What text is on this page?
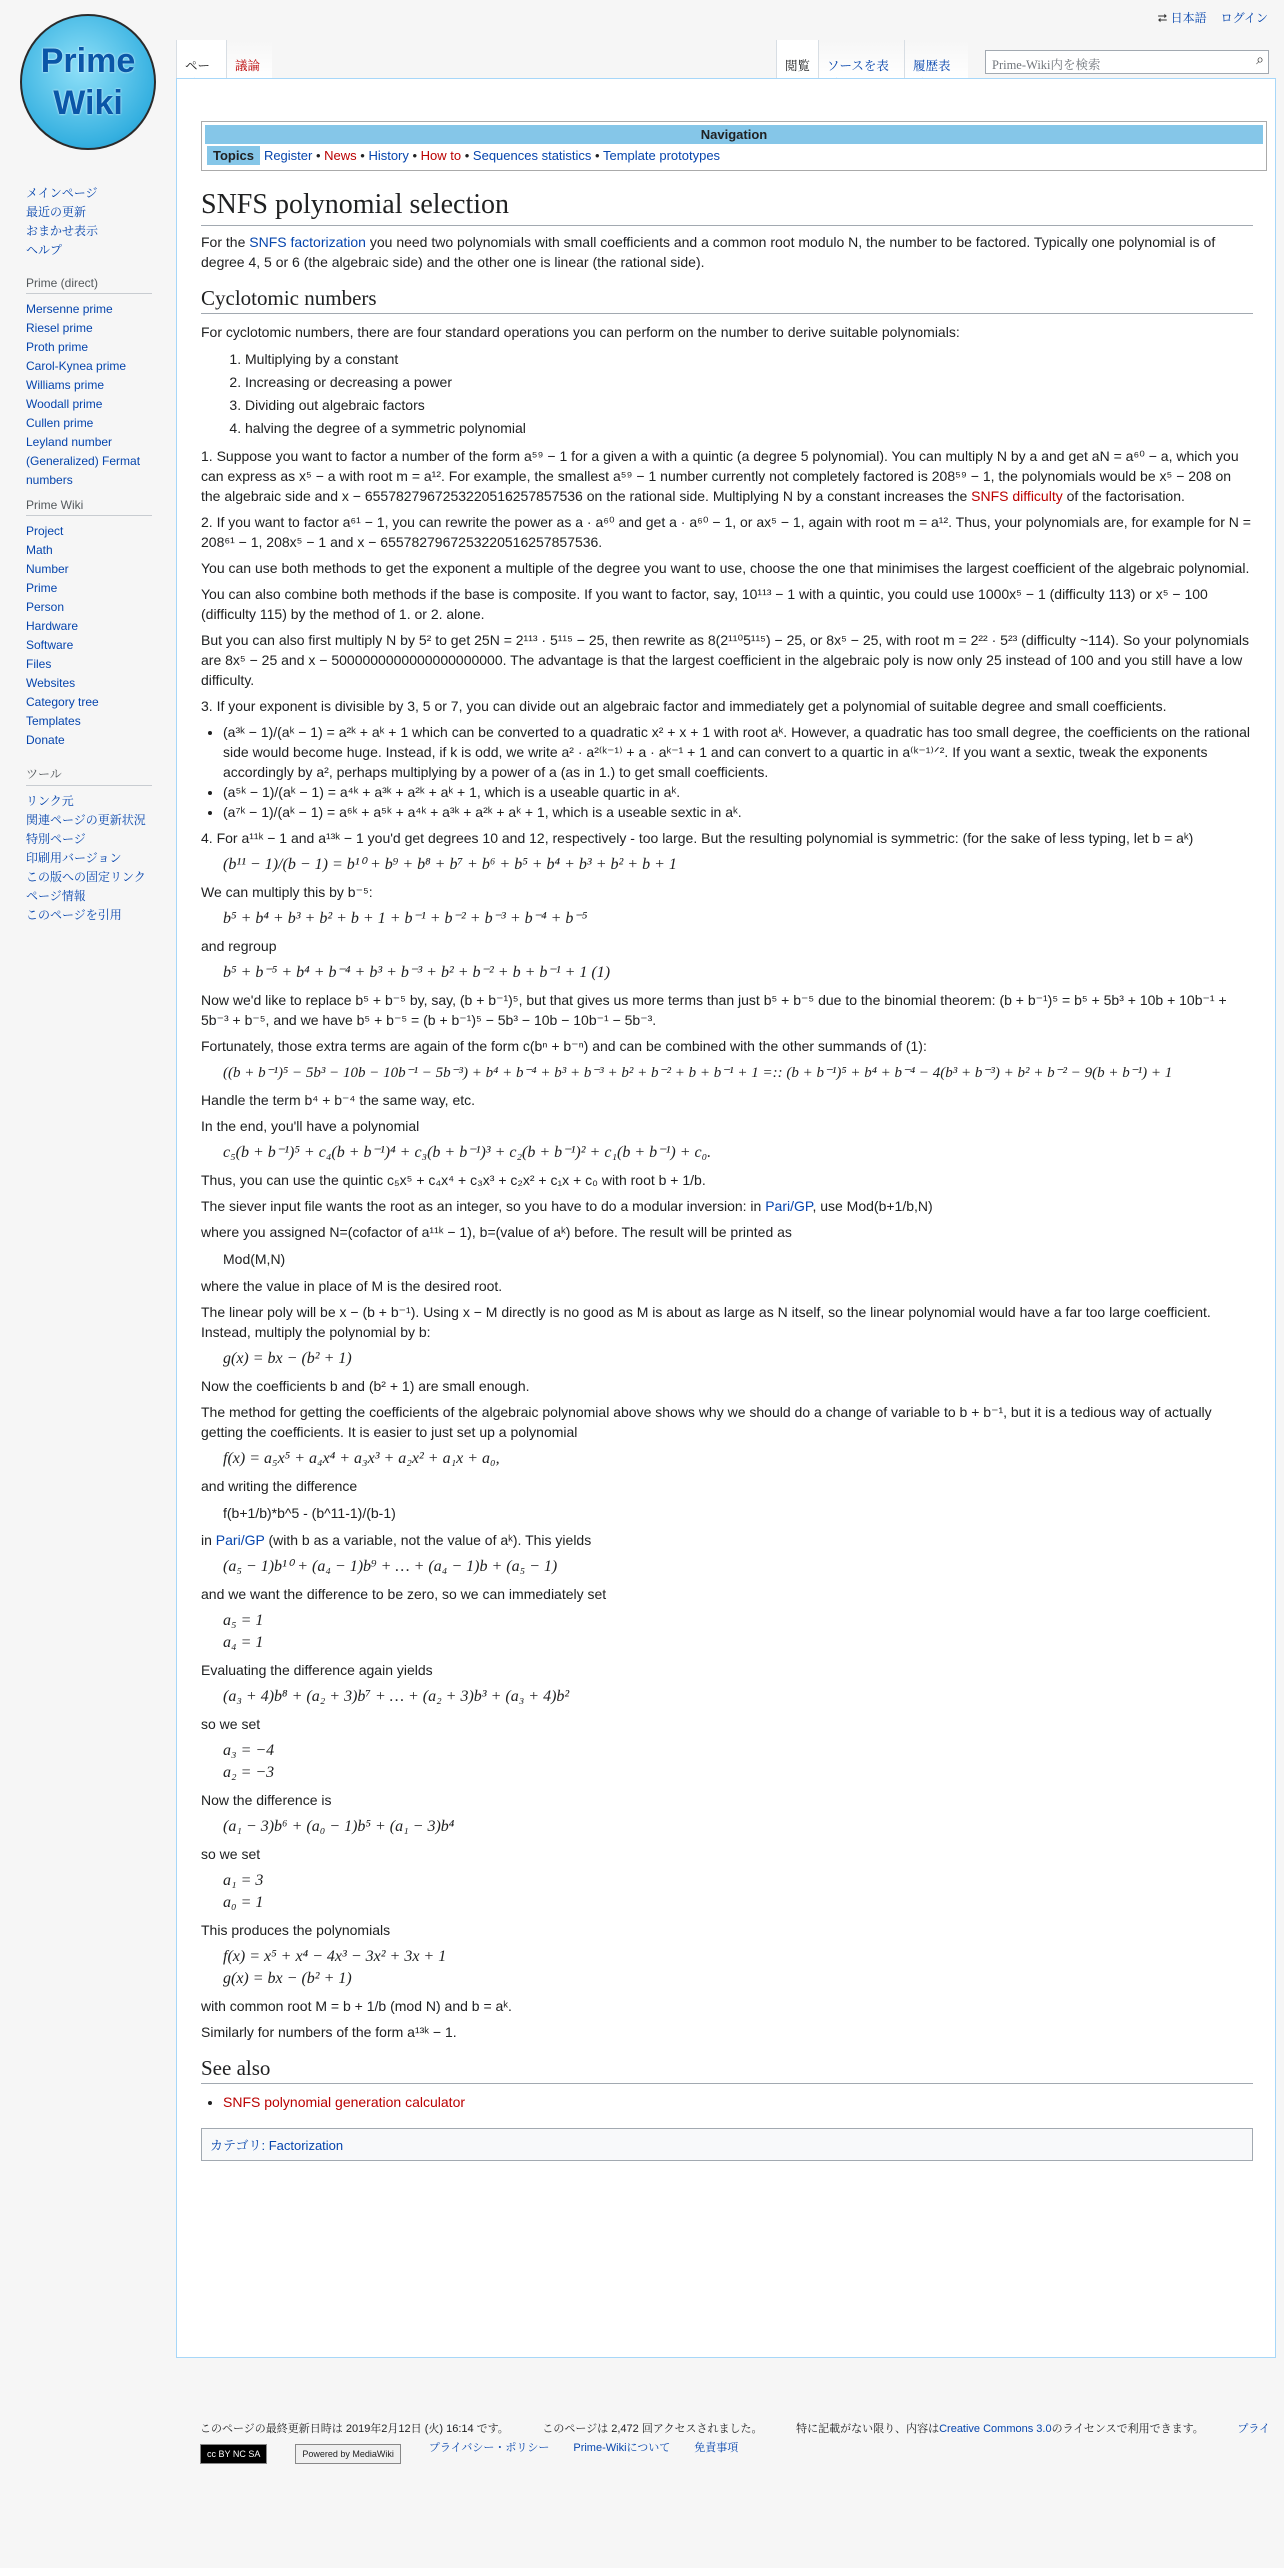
⮂ 日本語 ログイン
Prime
Wiki
メインページ
最近の更新
おまかせ表示
ヘルプ
Prime (direct)
Mersenne prime
Riesel prime
Proth prime
Carol-Kynea prime
Williams prime
Woodall prime
Cullen prime
Leyland number
(Generalized) Fermat numbers
Prime Wiki
Project
Math
Number
Prime
Person
Hardware
Software
Files
Websites
Category tree
Templates
Donate
ツール
リンク元
関連ページの更新状況
特別ページ
印刷用バージョン
この版への固定リンク
ページ情報
このページを引用
ペー	議論	閲覧	ソースを表	履歴表	Prime-Wiki内を検索	⌕
Navigation
Topics Register • News • History • How to • Sequences statistics • Template prototypes
SNFS polynomial selection

For the SNFS factorization you need two polynomials with small coefficients and a common root modulo N, the number to be factored. Typically one polynomial is of degree 4, 5 or 6 (the algebraic side) and the other one is linear (the rational side).

Cyclotomic numbers

For cyclotomic numbers, there are four standard operations you can perform on the number to derive suitable polynomials:

1. Multiplying by a constant
2. Increasing or decreasing a power
3. Dividing out algebraic factors
4. halving the degree of a symmetric polynomial

1. Suppose you want to factor a number of the form a⁵⁹ − 1 for a given a with a quintic (a degree 5 polynomial). You can multiply N by a and get aN = a⁶⁰ − a, which you can express as x⁵ − a with root m = a¹². For example, the smallest a⁵⁹ − 1 number currently not completely factored is 208⁵⁹ − 1, the polynomials would be x⁵ − 208 on the algebraic side and x − 6557827967253220516257857536 on the rational side. Multiplying N by a constant increases the SNFS difficulty of the factorisation.

2. If you want to factor a⁶¹ − 1, you can rewrite the power as a · a⁶⁰ and get a · a⁶⁰ − 1, or ax⁵ − 1, again with root m = a¹². Thus, your polynomials are, for example for N = 208⁶¹ − 1, 208x⁵ − 1 and x − 6557827967253220516257857536.

You can use both methods to get the exponent a multiple of the degree you want to use, choose the one that minimises the largest coefficient of the algebraic polynomial.

You can also combine both methods if the base is composite. If you want to factor, say, 10¹¹³ − 1 with a quintic, you could use 1000x⁵ − 1 (difficulty 113) or x⁵ − 100 (difficulty 115) by the method of 1. or 2. alone.

But you can also first multiply N by 5² to get 25N = 2¹¹³ · 5¹¹⁵ − 25, then rewrite as 8(2¹¹⁰5¹¹⁵) − 25, or 8x⁵ − 25, with root m = 2²² · 5²³ (difficulty ~114). So your polynomials are 8x⁵ − 25 and x − 5000000000000000000000. The advantage is that the largest coefficient in the algebraic poly is now only 25 instead of 100 and you still have a low difficulty.

3. If your exponent is divisible by 3, 5 or 7, you can divide out an algebraic factor and immediately get a polynomial of suitable degree and small coefficients.

• (a³ᵏ − 1)/(aᵏ − 1) = a²ᵏ + aᵏ + 1 which can be converted to a quadratic x² + x + 1 with root aᵏ. However, a quadratic has too small degree, the coefficients on the rational side would become huge. Instead, if k is odd, we write a² · a²⁽ᵏ⁻¹⁾ + a · aᵏ⁻¹ + 1 and can convert to a quartic in a⁽ᵏ⁻¹⁾ᐟ². If you want a sextic, tweak the exponents accordingly by a², perhaps multiplying by a power of a (as in 1.) to get small coefficients.
• (a⁵ᵏ − 1)/(aᵏ − 1) = a⁴ᵏ + a³ᵏ + a²ᵏ + aᵏ + 1, which is a useable quartic in aᵏ.
• (a⁷ᵏ − 1)/(aᵏ − 1) = a⁶ᵏ + a⁵ᵏ + a⁴ᵏ + a³ᵏ + a²ᵏ + aᵏ + 1, which is a useable sextic in aᵏ.

4. For a¹¹ᵏ − 1 and a¹³ᵏ − 1 you'd get degrees 10 and 12, respectively - too large. But the resulting polynomial is symmetric: (for the sake of less typing, let b = aᵏ)

(b¹¹ − 1)/(b − 1) = b¹⁰ + b⁹ + b⁸ + b⁷ + b⁶ + b⁵ + b⁴ + b³ + b² + b + 1

We can multiply this by b⁻⁵:

b⁵ + b⁴ + b³ + b² + b + 1 + b⁻¹ + b⁻² + b⁻³ + b⁻⁴ + b⁻⁵

and regroup

b⁵ + b⁻⁵ + b⁴ + b⁻⁴ + b³ + b⁻³ + b² + b⁻² + b + b⁻¹ + 1 (1)

Now we'd like to replace b⁵ + b⁻⁵ by, say, (b + b⁻¹)⁵, but that gives us more terms than just b⁵ + b⁻⁵ due to the binomial theorem: (b + b⁻¹)⁵ = b⁵ + 5b³ + 10b + 10b⁻¹ + 5b⁻³ + b⁻⁵, and we have b⁵ + b⁻⁵ = (b + b⁻¹)⁵ − 5b³ − 10b − 10b⁻¹ − 5b⁻³.

Fortunately, those extra terms are again of the form c(bⁿ + b⁻ⁿ) and can be combined with the other summands of (1):

((b + b⁻¹)⁵ − 5b³ − 10b − 10b⁻¹ − 5b⁻³) + b⁴ + b⁻⁴ + b³ + b⁻³ + b² + b⁻² + b + b⁻¹ + 1 =:: (b + b⁻¹)⁵ + b⁴ + b⁻⁴ − 4(b³ + b⁻³) + b² + b⁻² − 9(b + b⁻¹) + 1

Handle the term b⁴ + b⁻⁴ the same way, etc.

In the end, you'll have a polynomial

c₅(b + b⁻¹)⁵ + c₄(b + b⁻¹)⁴ + c₃(b + b⁻¹)³ + c₂(b + b⁻¹)² + c₁(b + b⁻¹) + c₀.

Thus, you can use the quintic c₅x⁵ + c₄x⁴ + c₃x³ + c₂x² + c₁x + c₀ with root b + 1/b.

The siever input file wants the root as an integer, so you have to do a modular inversion: in Pari/GP, use Mod(b+1/b,N)

where you assigned N=(cofactor of a¹¹ᵏ − 1), b=(value of aᵏ) before. The result will be printed as

Mod(M,N)

where the value in place of M is the desired root.

The linear poly will be x − (b + b⁻¹). Using x − M directly is no good as M is about as large as N itself, so the linear polynomial would have a far too large coefficient. Instead, multiply the polynomial by b:

g(x) = bx − (b² + 1)

Now the coefficients b and (b² + 1) are small enough.

The method for getting the coefficients of the algebraic polynomial above shows why we should do a change of variable to b + b⁻¹, but it is a tedious way of actually getting the coefficients. It is easier to just set up a polynomial

f(x) = a₅x⁵ + a₄x⁴ + a₃x³ + a₂x² + a₁x + a₀,

and writing the difference

f(b+1/b)*b^5 - (b^11-1)/(b-1)

in Pari/GP (with b as a variable, not the value of aᵏ). This yields

(a₅ − 1)b¹⁰ + (a₄ − 1)b⁹ + … + (a₄ − 1)b + (a₅ − 1)

and we want the difference to be zero, so we can immediately set

a₅ = 1
a₄ = 1

Evaluating the difference again yields

(a₃ + 4)b⁸ + (a₂ + 3)b⁷ + … + (a₂ + 3)b³ + (a₃ + 4)b²

so we set

a₃ = −4
a₂ = −3

Now the difference is

(a₁ − 3)b⁶ + (a₀ − 1)b⁵ + (a₁ − 3)b⁴

so we set

a₁ = 3
a₀ = 1

This produces the polynomials

f(x) = x⁵ + x⁴ − 4x³ − 3x² + 3x + 1
g(x) = bx − (b² + 1)

with common root M = b + 1/b (mod N) and b = aᵏ.

Similarly for numbers of the form a¹³ᵏ − 1.

See also
• SNFS polynomial generation calculator
カテゴリ: Factorization
このページの最終更新日時は 2019年2月12日 (火) 16:14 です。	このページは 2,472 回アクセスされました。	特に記載がない限り、内容はCreative Commons 3.0のライセンスで利用できます。	プライ
cc BY NC SA	Powered by MediaWiki	プライバシー・ポリシー Prime-Wikiについて 免責事項
